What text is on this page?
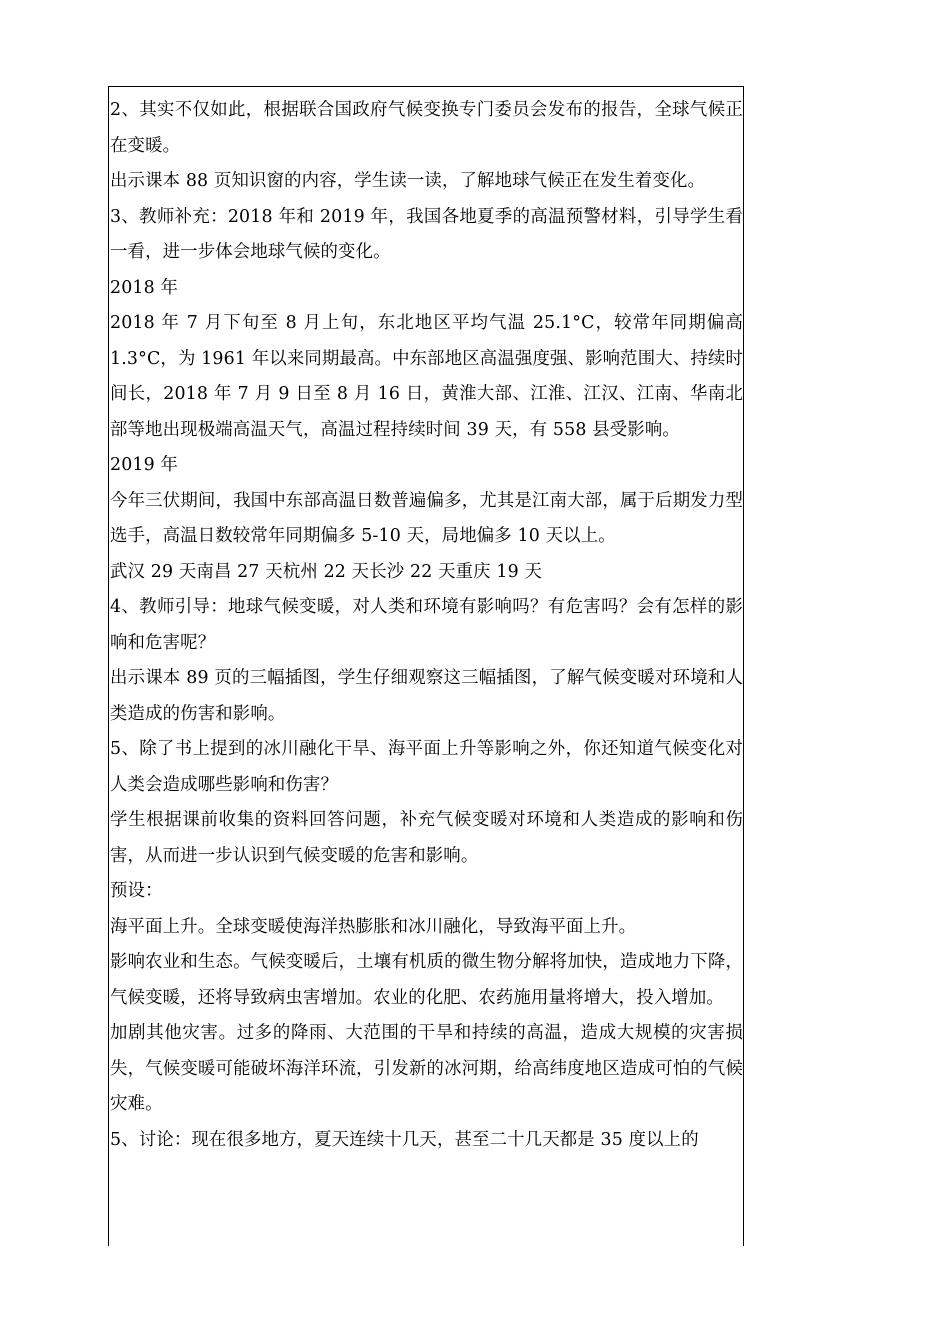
2、其实不仅如此，根据联合国政府气候变换专门委员会发布的报告，全球气候正在变暖。

出示课本 88 页知识窗的内容，学生读一读，了解地球气候正在发生着变化。

3、教师补充：2018 年和 2019 年，我国各地夏季的高温预警材料，引导学生看一看，进一步体会地球气候的变化。

2018 年

2018 年 7 月下旬至 8 月上旬，东北地区平均气温 25.1°C，较常年同期偏高 1.3°C，为 1961 年以来同期最高。中东部地区高温强度强、影响范围大、持续时间长，2018 年 7 月 9 日至 8 月 16 日，黄淮大部、江淮、江汉、江南、华南北部等地出现极端高温天气，高温过程持续时间 39 天，有 558 县受影响。

2019 年

今年三伏期间，我国中东部高温日数普遍偏多，尤其是江南大部，属于后期发力型选手，高温日数较常年同期偏多 5-10 天，局地偏多 10 天以上。

武汉 29 天南昌 27 天杭州 22 天长沙 22 天重庆 19 天

4、教师引导：地球气候变暖，对人类和环境有影响吗？有危害吗？会有怎样的影响和危害呢？

出示课本 89 页的三幅插图，学生仔细观察这三幅插图，了解气候变暖对环境和人类造成的伤害和影响。

5、除了书上提到的冰川融化干旱、海平面上升等影响之外，你还知道气候变化对人类会造成哪些影响和伤害？

学生根据课前收集的资料回答问题，补充气候变暖对环境和人类造成的影响和伤害，从而进一步认识到气候变暖的危害和影响。

预设：

海平面上升。全球变暖使海洋热膨胀和冰川融化，导致海平面上升。

影响农业和生态。气候变暖后，土壤有机质的微生物分解将加快，造成地力下降，气候变暖，还将导致病虫害增加。农业的化肥、农药施用量将增大，投入增加。

加剧其他灾害。过多的降雨、大范围的干旱和持续的高温，造成大规模的灾害损失，气候变暖可能破坏海洋环流，引发新的冰河期，给高纬度地区造成可怕的气候灾难。

5、讨论：现在很多地方，夏天连续十几天，甚至二十几天都是 35 度以上的
